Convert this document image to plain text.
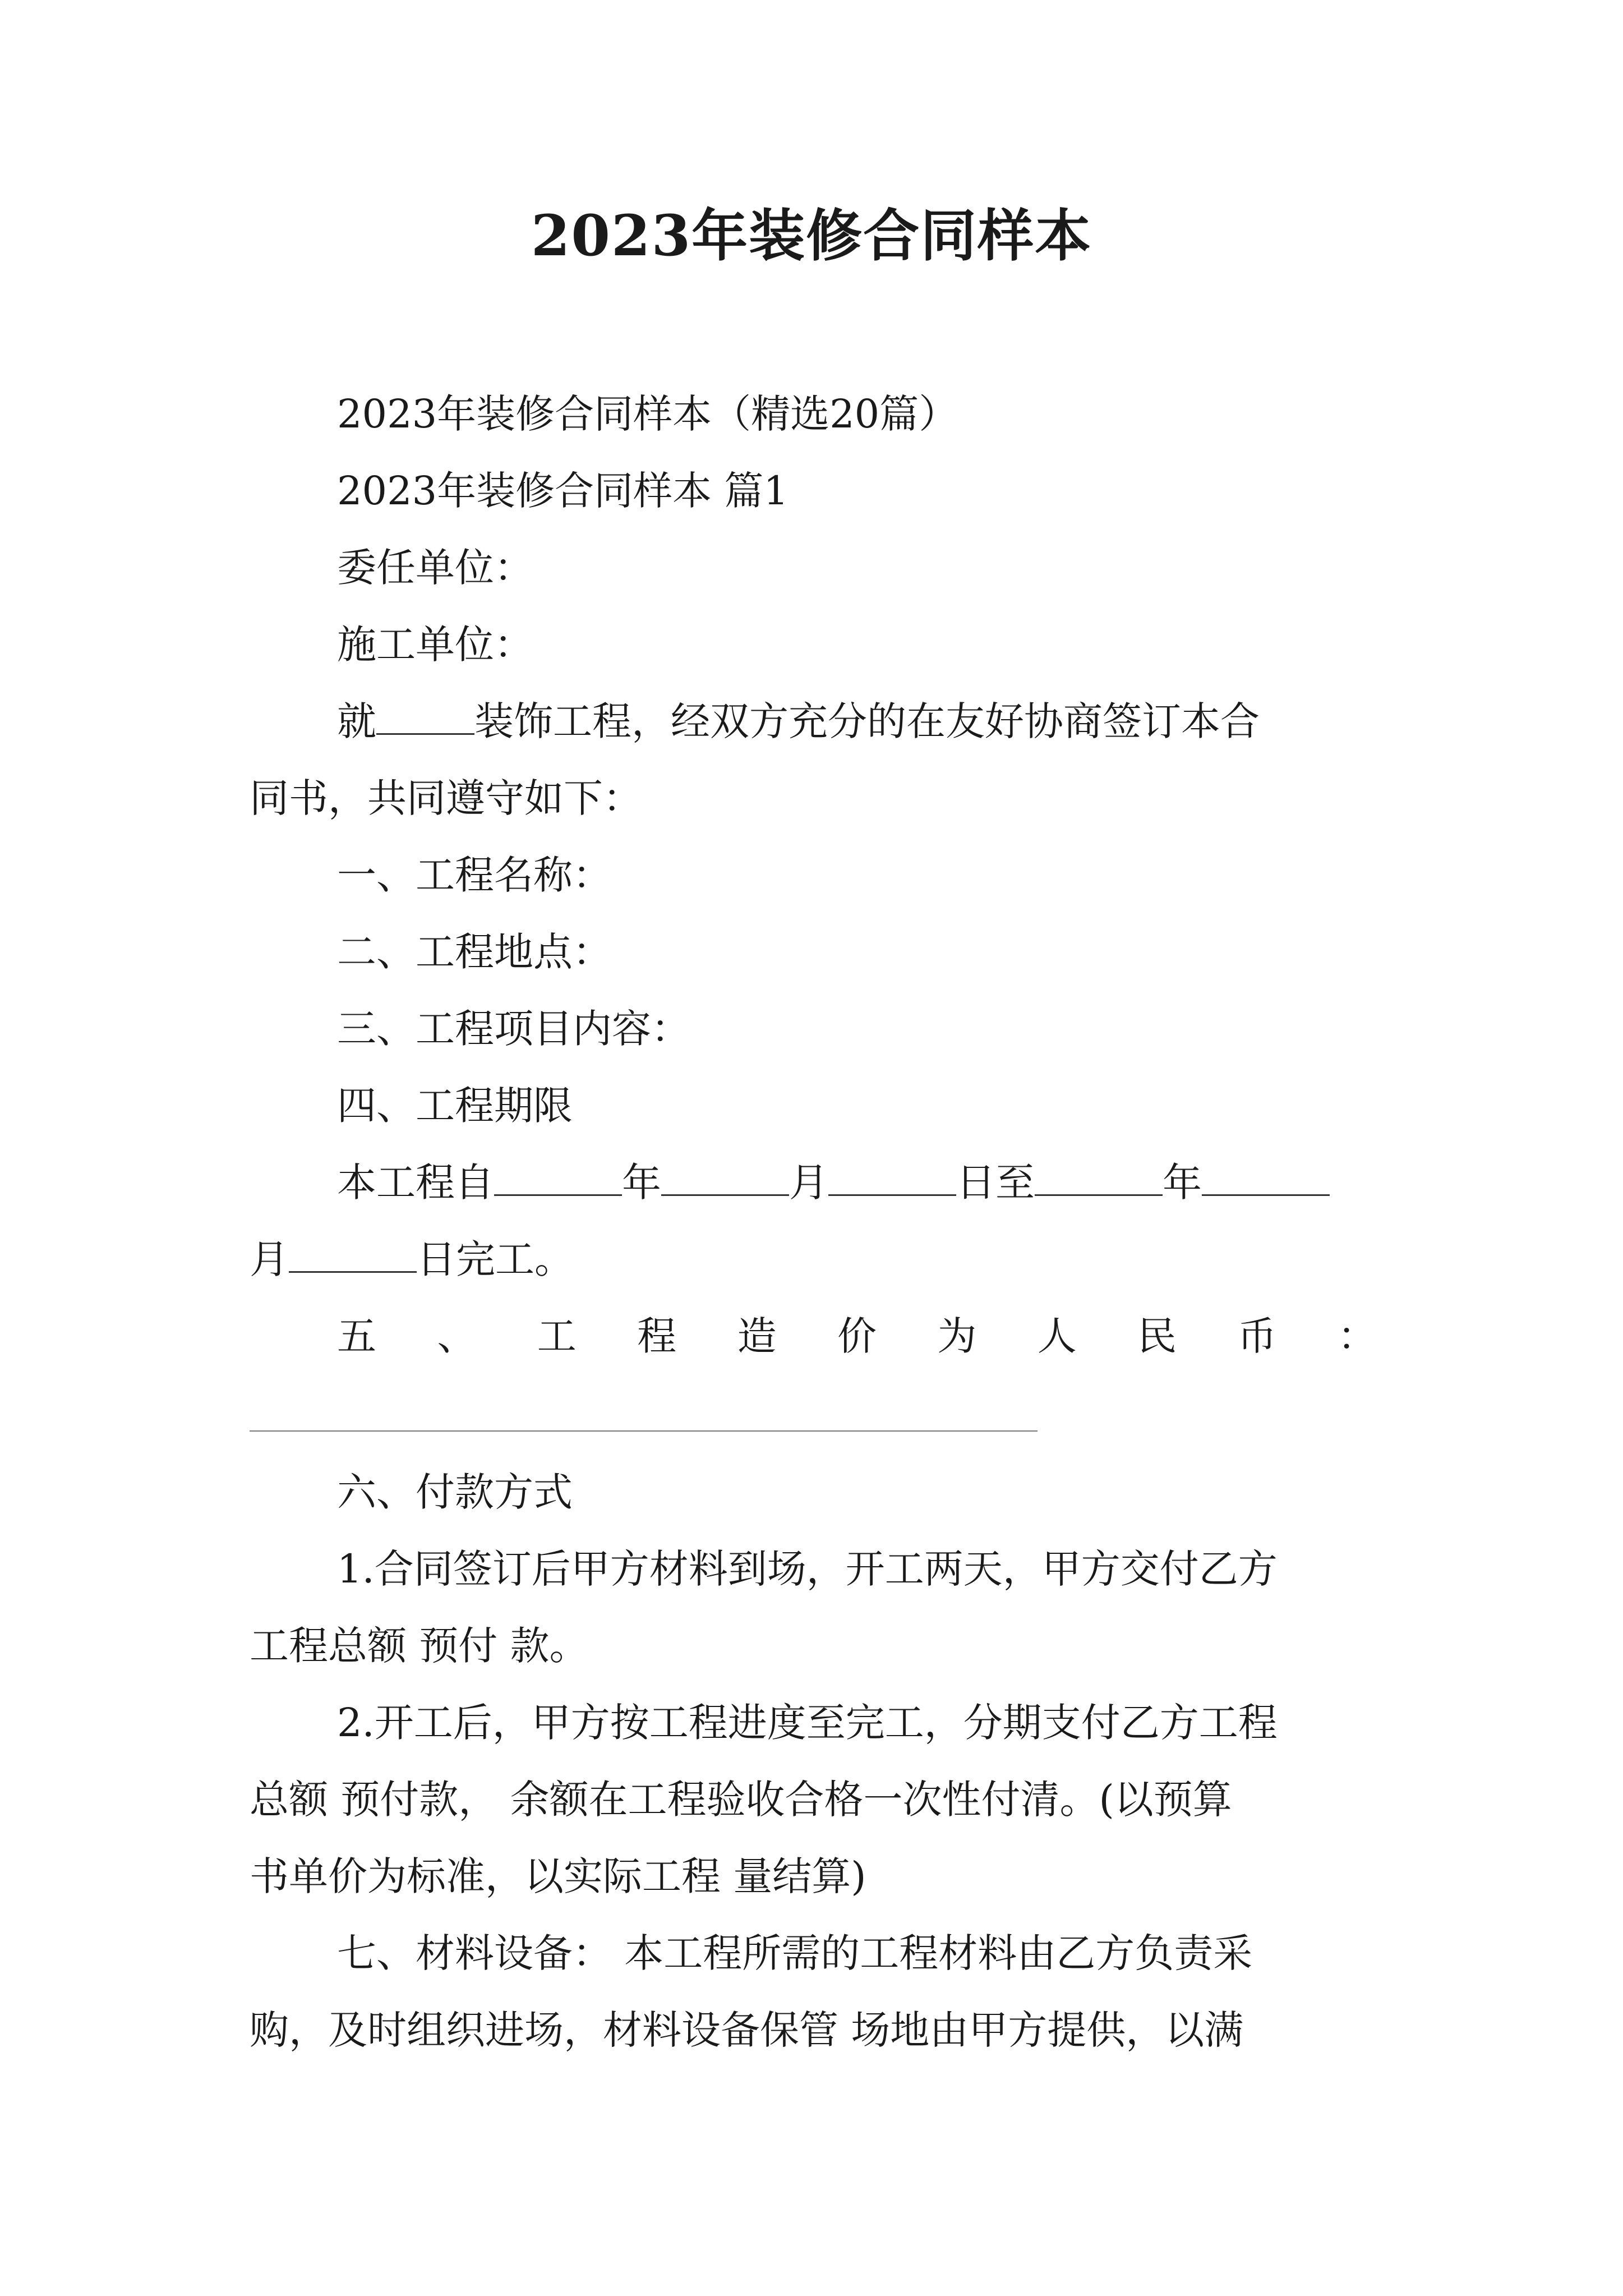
2023年装修合同样本
2023年装修合同样本（精选20篇）
2023年装修合同样本 篇1
委任单位：
施工单位：
就	装饰工程，经双方充分的在友好协商签订本合
同书，共同遵守如下：
一、工程名称：
二、工程地点：
三、工程项目内容：
四、工程期限
本工程自	年	月	日至	年
月	日完工。
五 、 工 程 造 价 为 人 民 币 ：
六、付款方式
1.合同签订后甲方材料到场，开工两天，甲方交付乙方
工程总额 预付 款。
2.开工后，甲方按工程进度至完工，分期支付乙方工程
总额 预付款， 余额在工程验收合格一次性付清。(以预算
书单价为标准，以实际工程 量结算)
七、材料设备： 本工程所需的工程材料由乙方负责采
购，及时组织进场，材料设备保管 场地由甲方提供，以满
